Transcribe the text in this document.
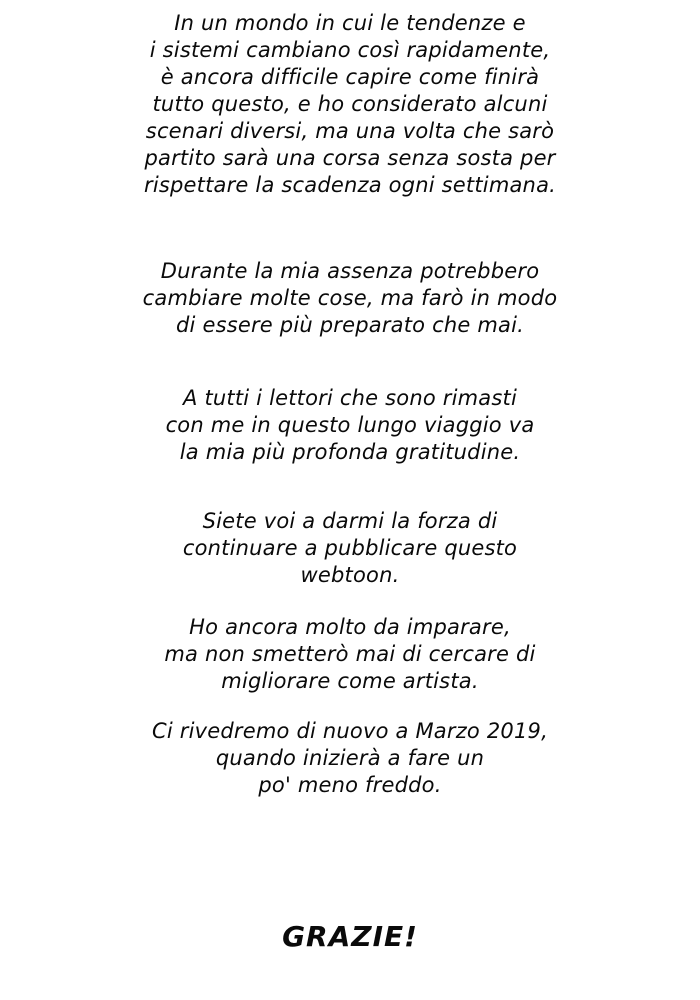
In un mondo in cui le tendenze e
i sistemi cambiano così rapidamente,
è ancora difficile capire come finirà
tutto questo, e ho considerato alcuni
scenari diversi, ma una volta che sarò
partito sarà una corsa senza sosta per
rispettare la scadenza ogni settimana.
Durante la mia assenza potrebbero
cambiare molte cose, ma farò in modo
di essere più preparato che mai.
A tutti i lettori che sono rimasti
con me in questo lungo viaggio va
la mia più profonda gratitudine.
Siete voi a darmi la forza di
continuare a pubblicare questo
webtoon.
Ho ancora molto da imparare,
ma non smetterò mai di cercare di
migliorare come artista.
Ci rivedremo di nuovo a Marzo 2019,
quando inizierà a fare un
po' meno freddo.
GRAZIE!
